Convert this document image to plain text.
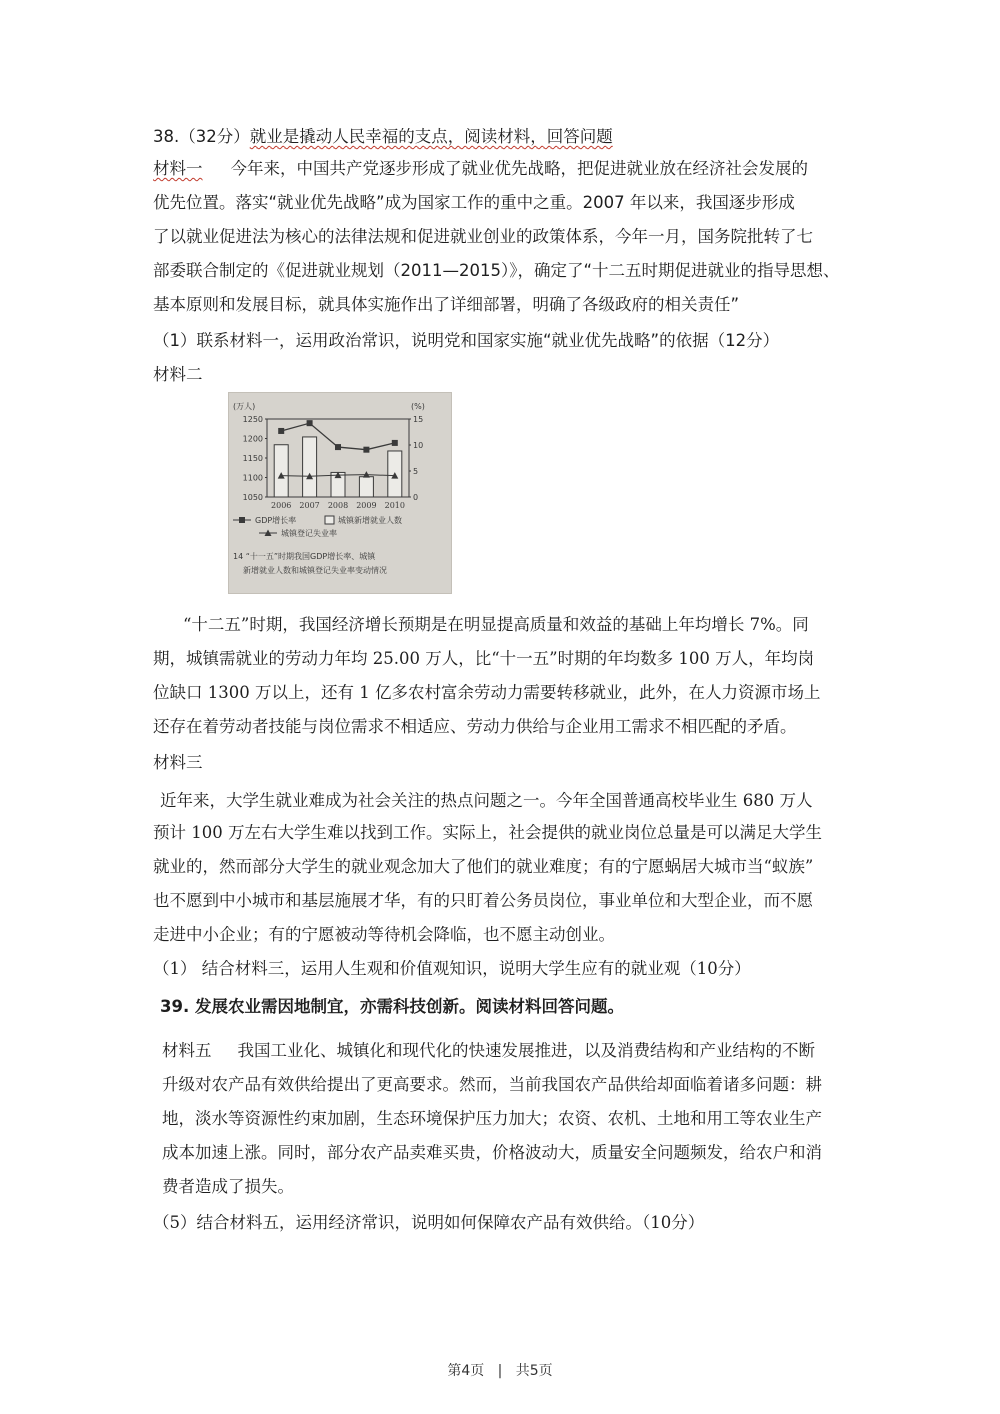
38.（32分）就业是撬动人民幸福的支点，阅读材料，回答问题
材料一 今年来，中国共产党逐步形成了就业优先战略，把促进就业放在经济社会发展的
优先位置。落实“就业优先战略”成为国家工作的重中之重。2007 年以来，我国逐步形成
了以就业促进法为核心的法律法规和促进就业创业的政策体系，今年一月，国务院批转了七
部委联合制定的《促进就业规划（2011—2015）》，确定了“十二五时期促进就业的指导思想、
基本原则和发展目标，就具体实施作出了详细部署，明确了各级政府的相关责任”
（1）联系材料一，运用政治常识，说明党和国家实施“就业优先战略”的依据（12分）
材料二
(万人)	(%)
1250
1200
1150
1100
1050
15
10
5
0
2006 2007 2008 2009 2010
GDP增长率	城镇新增就业人数
城镇登记失业率
14 “十一五”时期我国GDP增长率、城镇
新增就业人数和城镇登记失业率变动情况
“十二五”时期，我国经济增长预期是在明显提高质量和效益的基础上年均增长 7%。同
期，城镇需就业的劳动力年均 25.00 万人，比“十一五”时期的年均数多 100 万人，年均岗
位缺口 1300 万以上，还有 1 亿多农村富余劳动力需要转移就业，此外，在人力资源市场上
还存在着劳动者技能与岗位需求不相适应、劳动力供给与企业用工需求不相匹配的矛盾。
材料三
近年来，大学生就业难成为社会关注的热点问题之一。今年全国普通高校毕业生 680 万人
预计 100 万左右大学生难以找到工作。实际上，社会提供的就业岗位总量是可以满足大学生
就业的，然而部分大学生的就业观念加大了他们的就业难度；有的宁愿蜗居大城市当“蚁族”
也不愿到中小城市和基层施展才华，有的只盯着公务员岗位，事业单位和大型企业，而不愿
走进中小企业；有的宁愿被动等待机会降临，也不愿主动创业。
（1） 结合材料三，运用人生观和价值观知识，说明大学生应有的就业观（10分）
39. 发展农业需因地制宜，亦需科技创新。阅读材料回答问题。
材料五 我国工业化、城镇化和现代化的快速发展推进，以及消费结构和产业结构的不断
升级对农产品有效供给提出了更高要求。然而，当前我国农产品供给却面临着诸多问题：耕
地，淡水等资源性约束加剧，生态环境保护压力加大；农资、农机、土地和用工等农业生产
成本加速上涨。同时，部分农产品卖难买贵，价格波动大，质量安全问题频发，给农户和消
费者造成了损失。
（5）结合材料五，运用经济常识，说明如何保障农产品有效供给。（10分）
第4页 | 共5页
